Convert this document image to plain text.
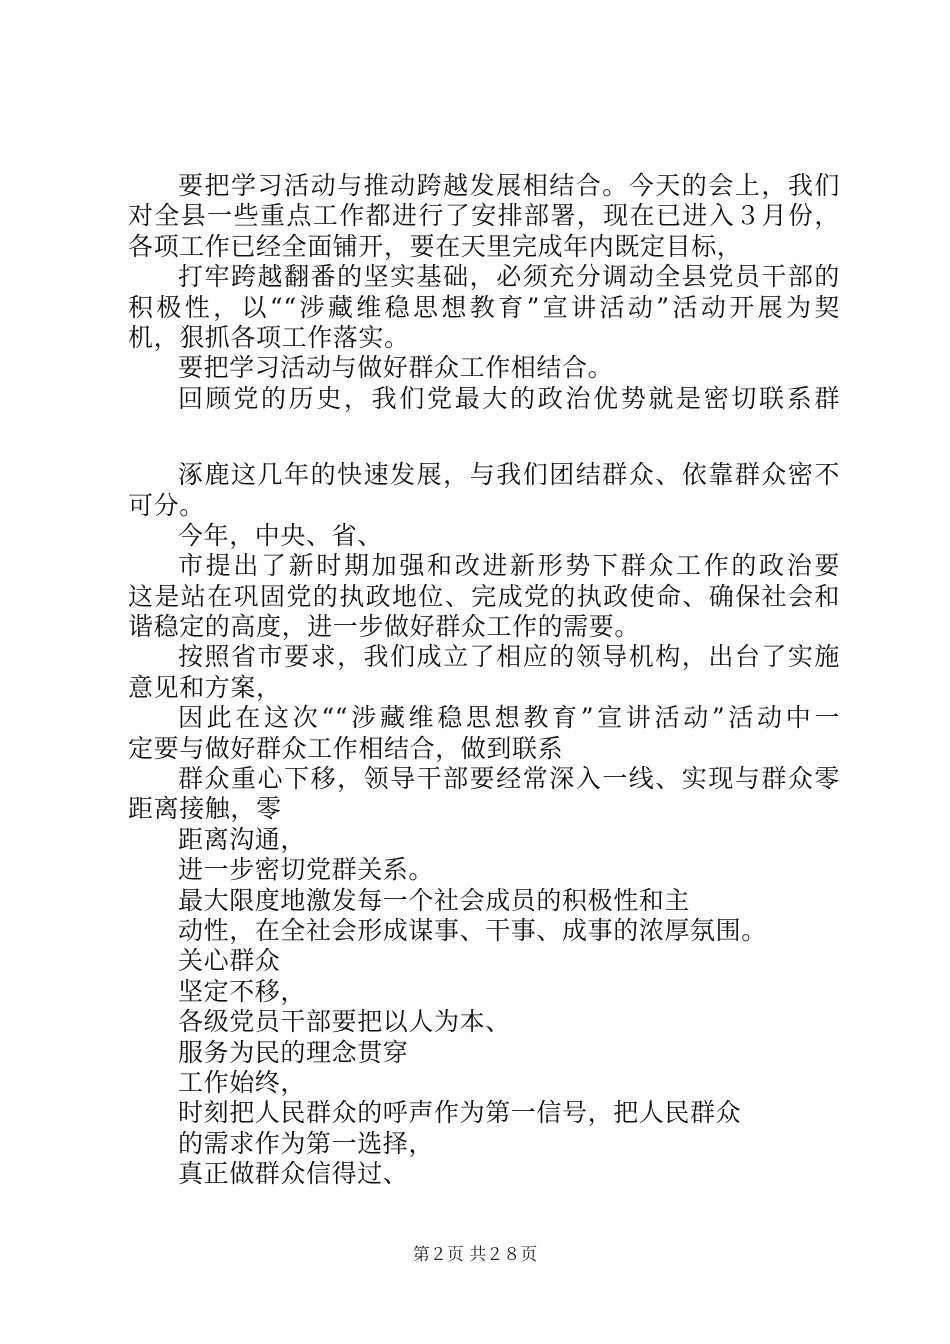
要把学习活动与推动跨越发展相结合。今天的会上，我们
对全县一些重点工作都进行了安排部署，现在已进入３月份，
各项工作已经全面铺开，要在天里完成年内既定目标，
打牢跨越翻番的坚实基础，必须充分调动全县党员干部的
积极性，以““涉藏维稳思想教育”宣讲活动”活动开展为契
机，狠抓各项工作落实。
要把学习活动与做好群众工作相结合。
回顾党的历史，我们党最大的政治优势就是密切联系群
涿鹿这几年的快速发展，与我们团结群众、依靠群众密不
可分。
今年，中央、省、
市提出了新时期加强和改进新形势下群众工作的政治要
这是站在巩固党的执政地位、完成党的执政使命、确保社会和
谐稳定的高度，进一步做好群众工作的需要。
按照省市要求，我们成立了相应的领导机构，出台了实施
意见和方案，
因此在这次““涉藏维稳思想教育”宣讲活动”活动中一
定要与做好群众工作相结合，做到联系
群众重心下移，领导干部要经常深入一线、实现与群众零
距离接触，零
距离沟通，
进一步密切党群关系。
最大限度地激发每一个社会成员的积极性和主
动性，在全社会形成谋事、干事、成事的浓厚氛围。
关心群众
坚定不移，
各级党员干部要把以人为本、
服务为民的理念贯穿
工作始终，
时刻把人民群众的呼声作为第一信号，把人民群众
的需求作为第一选择，
真正做群众信得过、
第２页 共２８页
